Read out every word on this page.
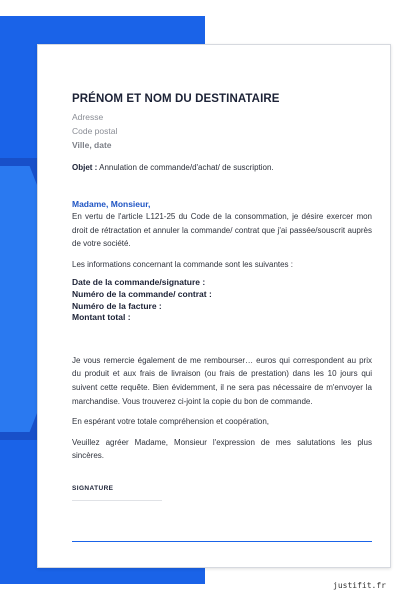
PRÉNOM ET NOM DU DESTINATAIRE
Adresse
Code postal
Ville, date
Objet : Annulation de commande/d'achat/ de suscription.
Madame, Monsieur,

En vertu de l'article L121-25 du Code de la consommation, je désire exercer mon droit de rétractation et annuler la commande/ contrat que j'ai passée/souscrit auprès de votre société.

Les informations concernant la commande sont les suivantes :

Date de la commande/signature :
Numéro de la commande/ contrat :
Numéro de la facture :
Montant total :

Je vous remercie également de me rembourser… euros qui correspondent au prix du produit et aux frais de livraison (ou frais de prestation) dans les 10 jours qui suivent cette requête. Bien évidemment, il ne sera pas nécessaire de m'envoyer la marchandise. Vous trouverez ci-joint la copie du bon de commande.

En espérant votre totale compréhension et coopération,

Veuillez agréer Madame, Monsieur l'expression de mes salutations les plus sincères.

SIGNATURE
justifit.fr
